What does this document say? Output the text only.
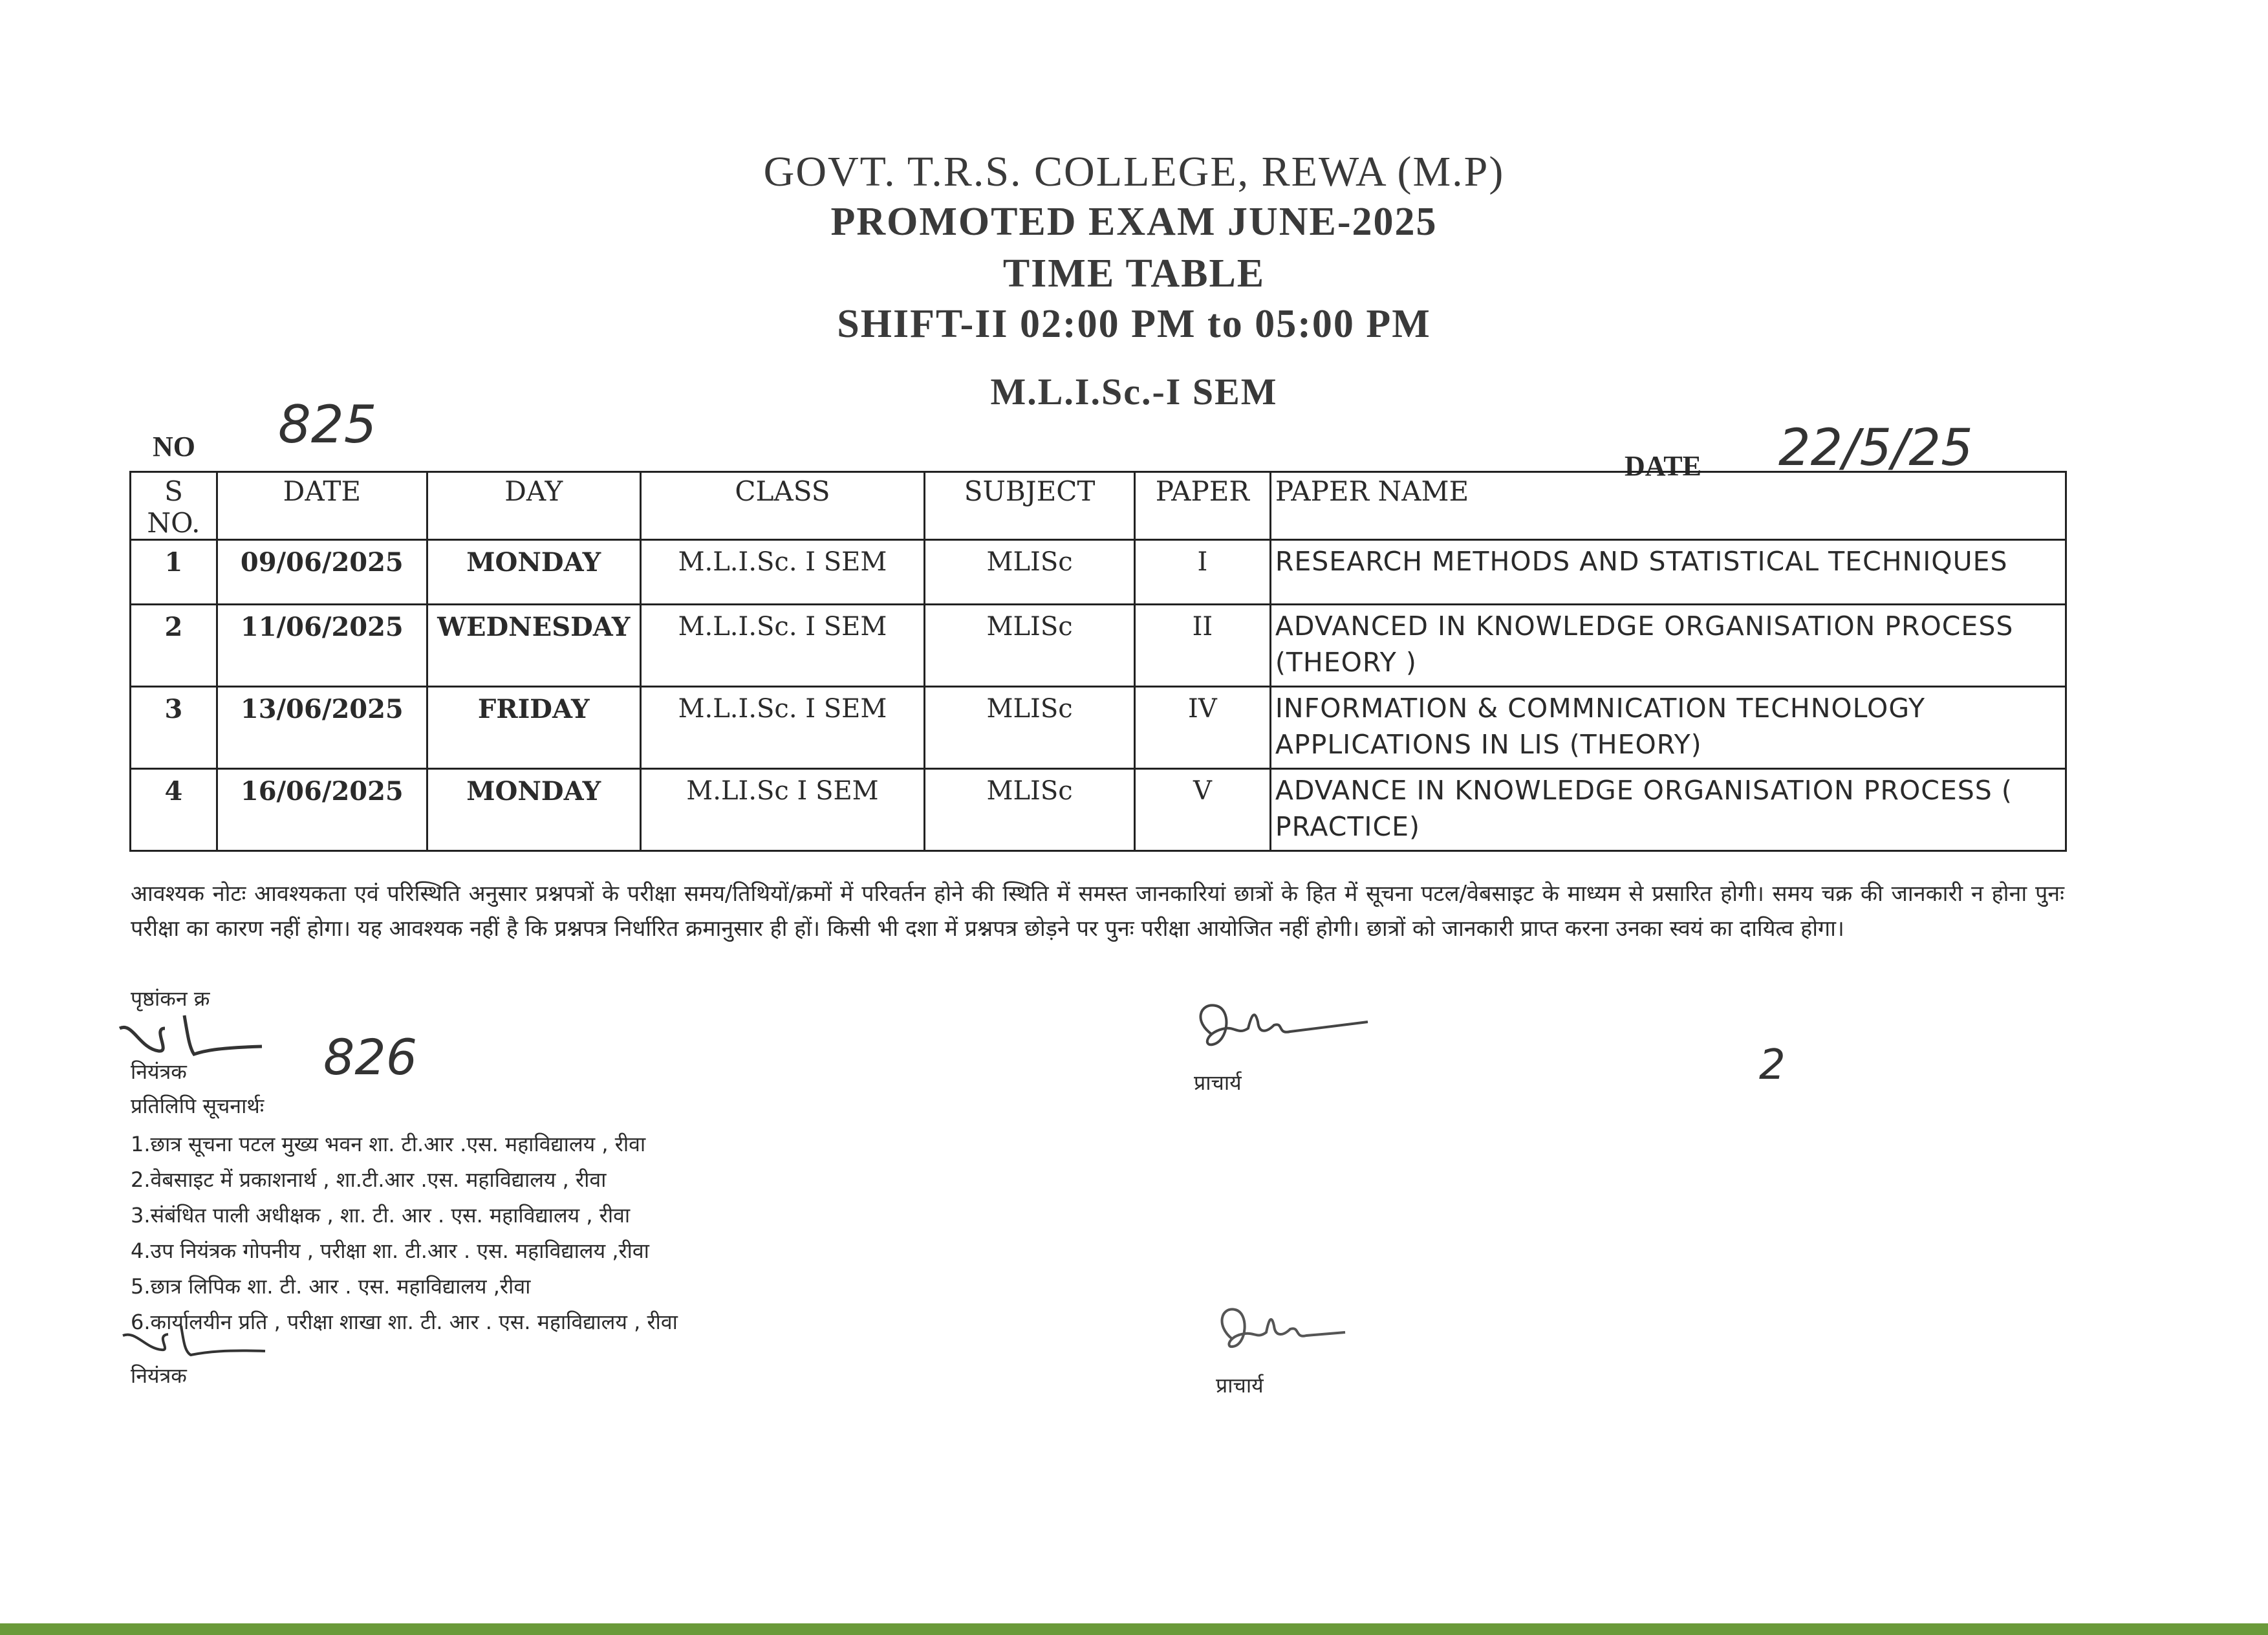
GOVT. T.R.S. COLLEGE, REWA (M.P)
PROMOTED EXAM JUNE-2025
TIME TABLE
SHIFT-II 02:00 PM to 05:00 PM
M.L.I.Sc.-I SEM
NO 825
DATE 22/5/25
S NO.	DATE	DAY	CLASS	SUBJECT	PAPER	PAPER NAME
1	09/06/2025	MONDAY	M.L.I.Sc. I SEM	MLISc	I	RESEARCH METHODS AND STATISTICAL TECHNIQUES
2	11/06/2025	WEDNESDAY	M.L.I.Sc. I SEM	MLISc	II	ADVANCED IN KNOWLEDGE ORGANISATION PROCESS (THEORY )
3	13/06/2025	FRIDAY	M.L.I.Sc. I SEM	MLISc	IV	INFORMATION & COMMNICATION TECHNOLOGY APPLICATIONS IN LIS (THEORY)
4	16/06/2025	MONDAY	M.LI.Sc I SEM	MLISc	V	ADVANCE IN KNOWLEDGE ORGANISATION PROCESS ( PRACTICE)
आवश्यक नोटः आवश्यकता एवं परिस्थिति अनुसार प्रश्नपत्रों के परीक्षा समय/तिथियों/क्रमों में परिवर्तन होने की स्थिति में समस्त जानकारियां छात्रों के हित में सूचना पटल/वेबसाइट के माध्यम से प्रसारित होगी। समय चक्र की जानकारी न होना पुनः परीक्षा का कारण नहीं होगा। यह आवश्यक नहीं है कि प्रश्नपत्र निर्धारित क्रमानुसार ही हों। किसी भी दशा में प्रश्नपत्र छोड़ने पर पुनः परीक्षा आयोजित नहीं होगी। छात्रों को जानकारी प्राप्त करना उनका स्वयं का दायित्व होगा।
पृष्ठांकन क्र
826
नियंत्रक	प्राचार्य	2
प्रतिलिपि सूचनार्थः
1.छात्र सूचना पटल मुख्य भवन शा. टी.आर .एस. महाविद्यालय , रीवा
2.वेबसाइट में प्रकाशनार्थ , शा.टी.आर .एस. महाविद्यालय , रीवा
3.संबंधित पाली अधीक्षक , शा. टी. आर . एस. महाविद्यालय , रीवा
4.उप नियंत्रक गोपनीय , परीक्षा शा. टी.आर . एस. महाविद्यालय ,रीवा
5.छात्र लिपिक शा. टी. आर . एस. महाविद्यालय ,रीवा
6.कार्यालयीन प्रति , परीक्षा शाखा शा. टी. आर . एस. महाविद्यालय , रीवा
नियंत्रक	प्राचार्य
